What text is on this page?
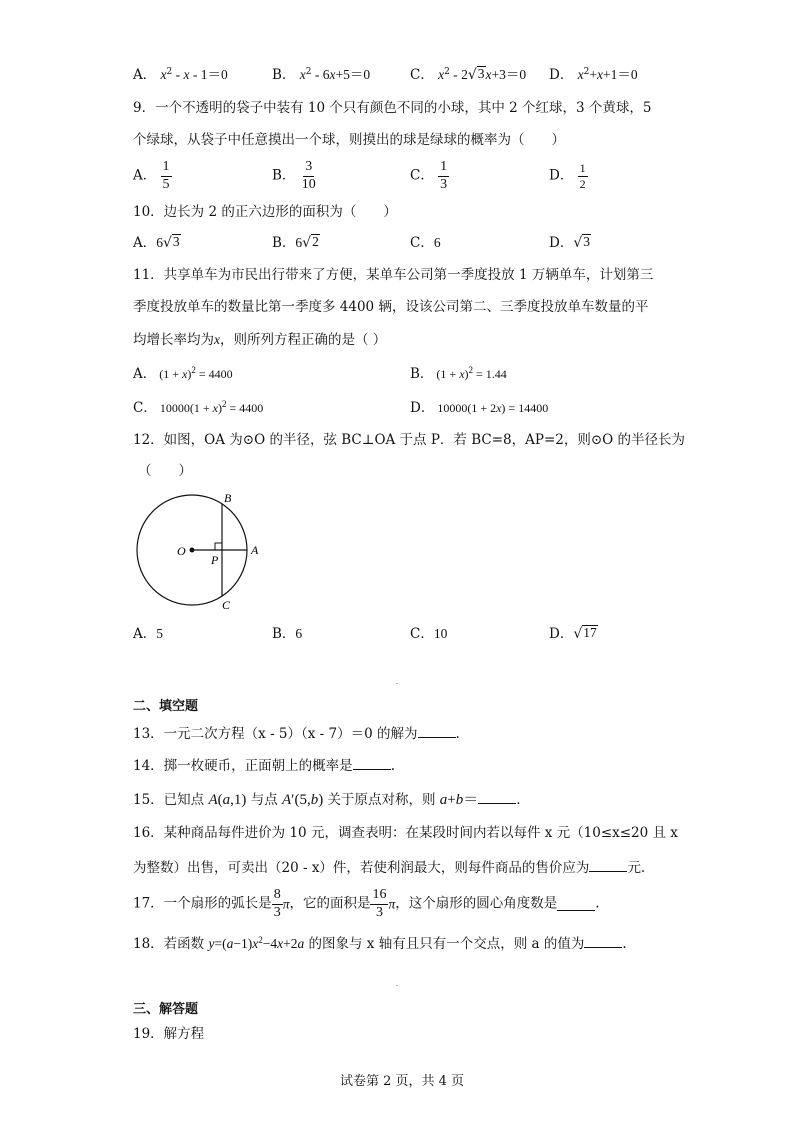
A． $x^2 - x - 1=0$	B． $x^2 - 6x+5=0$	C． $x^2 - 2$ √ 3 x+3＝0 D． $x^2+x+1=0$
9．一个不透明的袋子中装有 10 个只有颜色不同的小球，其中 2 个红球，3 个黄球，5
个绿球，从袋子中任意摸出一个球，则摸出的球是绿球的概率为（　　）
A． $\frac{1}{5}$	B． $\frac{3}{10}$	C． $\frac{1}{3}$	D． $\frac{1}{2}$
10．边长为 2 的正六边形的面积为（　　）
A．6 √ 3	B．6 √ 2	C．6	D． √ 3
11．共享单车为市民出行带来了方便，某单车公司第一季度投放 1 万辆单车，计划第三
季度投放单车的数量比第一季度多 4400 辆，设该公司第二、三季度投放单车数量的平
均增长率均为x，则所列方程正确的是（ ）
A． $(1 + x)^2 = 4400$	B． $(1 + x)^2 = 1.44$
C． $10000(1 + x)^2 = 4400$	D． 10000(1 + 2x) = 14400
12．如图，OA 为⊙O 的半径，弦 BC⊥OA 于点 P．若 BC=8，AP=2，则⊙O 的半径长为
（　　）
B
O
P
A
C
A．5	B．6	C．10	D． √ 17
二、填空题
13．一元二次方程（x - 5）（x - 7）＝0 的解为	.
14．掷一枚硬币，正面朝上的概率是	.
15．已知点 A(a,1) 与点 A′(5,b) 关于原点对称，则 a+b＝	.
16．某种商品每件进价为 10 元，调查表明：在某段时间内若以每件 x 元（10≤x≤20 且 x
为整数）出售，可卖出（20 - x）件，若使利润最大，则每件商品的售价应为	元.
17．一个扇形的弧长是 $\frac{8}{3}$ π，它的面积是 $\frac{16}{3}$ π，这个扇形的圆心角度数是	.
18．若函数 $y=(a-1)x^2-4x+2a$ 的图象与 x 轴有且只有一个交点，则 a 的值为	.
三、解答题
19．解方程
试卷第 2 页，共 4 页
